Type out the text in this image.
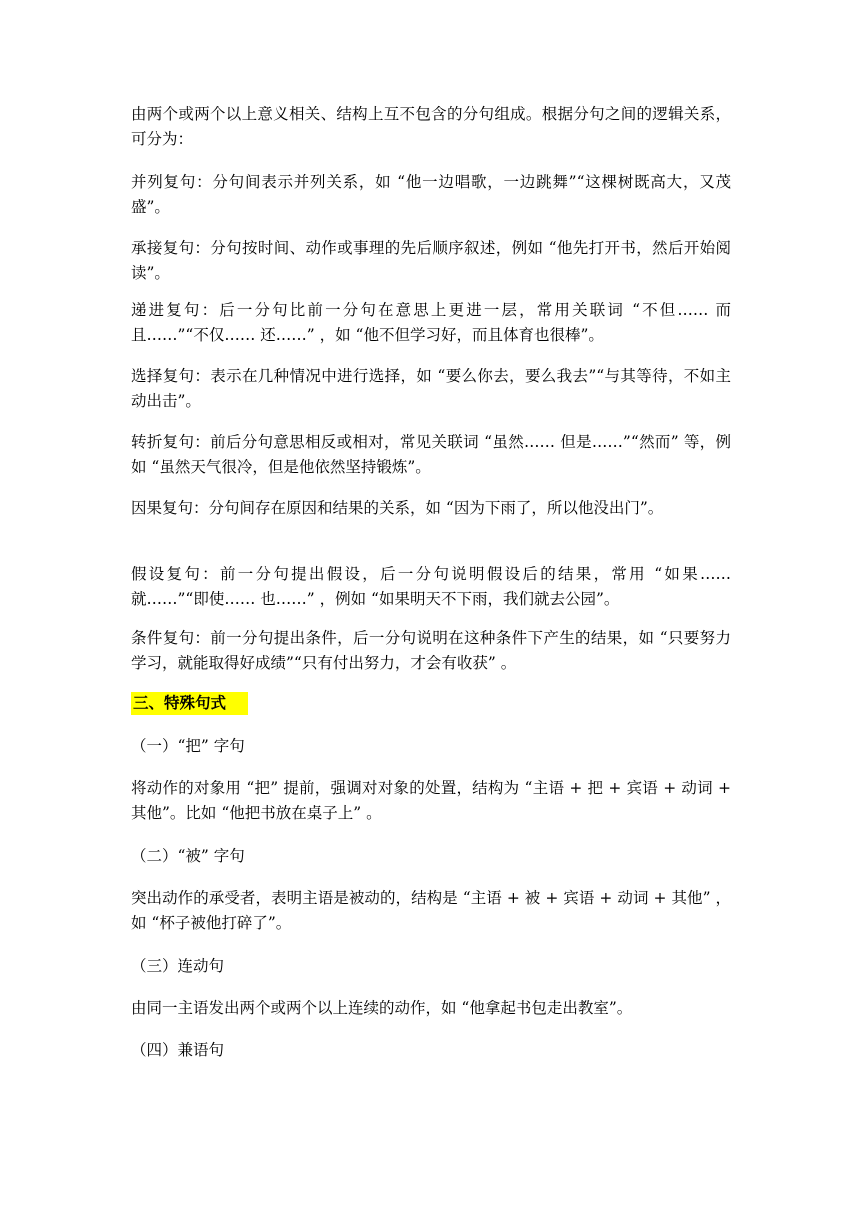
由两个或两个以上意义相关、结构上互不包含的分句组成。根据分句之间的逻辑关系，可分为：

并列复句：分句间表示并列关系，如 “他一边唱歌，一边跳舞”“这棵树既高大，又茂盛”。

承接复句：分句按时间、动作或事理的先后顺序叙述，例如 “他先打开书，然后开始阅读”。

递进复句：后一分句比前一分句在意思上更进一层，常用关联词 “不但…… 而且……”“不仅…… 还……” ，如 “他不但学习好，而且体育也很棒”。

选择复句：表示在几种情况中进行选择，如 “要么你去，要么我去”“与其等待，不如主动出击”。

转折复句：前后分句意思相反或相对，常见关联词 “虽然…… 但是……”“然而” 等，例如 “虽然天气很冷，但是他依然坚持锻炼”。

因果复句：分句间存在原因和结果的关系，如 “因为下雨了，所以他没出门”。

假设复句：前一分句提出假设，后一分句说明假设后的结果，常用 “如果…… 就……”“即使…… 也……” ，例如 “如果明天不下雨，我们就去公园”。

条件复句：前一分句提出条件，后一分句说明在这种条件下产生的结果，如 “只要努力学习，就能取得好成绩”“只有付出努力，才会有收获” 。

三、特殊句式

（一）“把” 字句

将动作的对象用 “把” 提前，强调对对象的处置，结构为 “主语 + 把 + 宾语 + 动词 + 其他”。比如 “他把书放在桌子上” 。

（二）“被” 字句

突出动作的承受者，表明主语是被动的，结构是 “主语 + 被 + 宾语 + 动词 + 其他” ，如 “杯子被他打碎了”。

（三）连动句

由同一主语发出两个或两个以上连续的动作，如 “他拿起书包走出教室”。

（四）兼语句
